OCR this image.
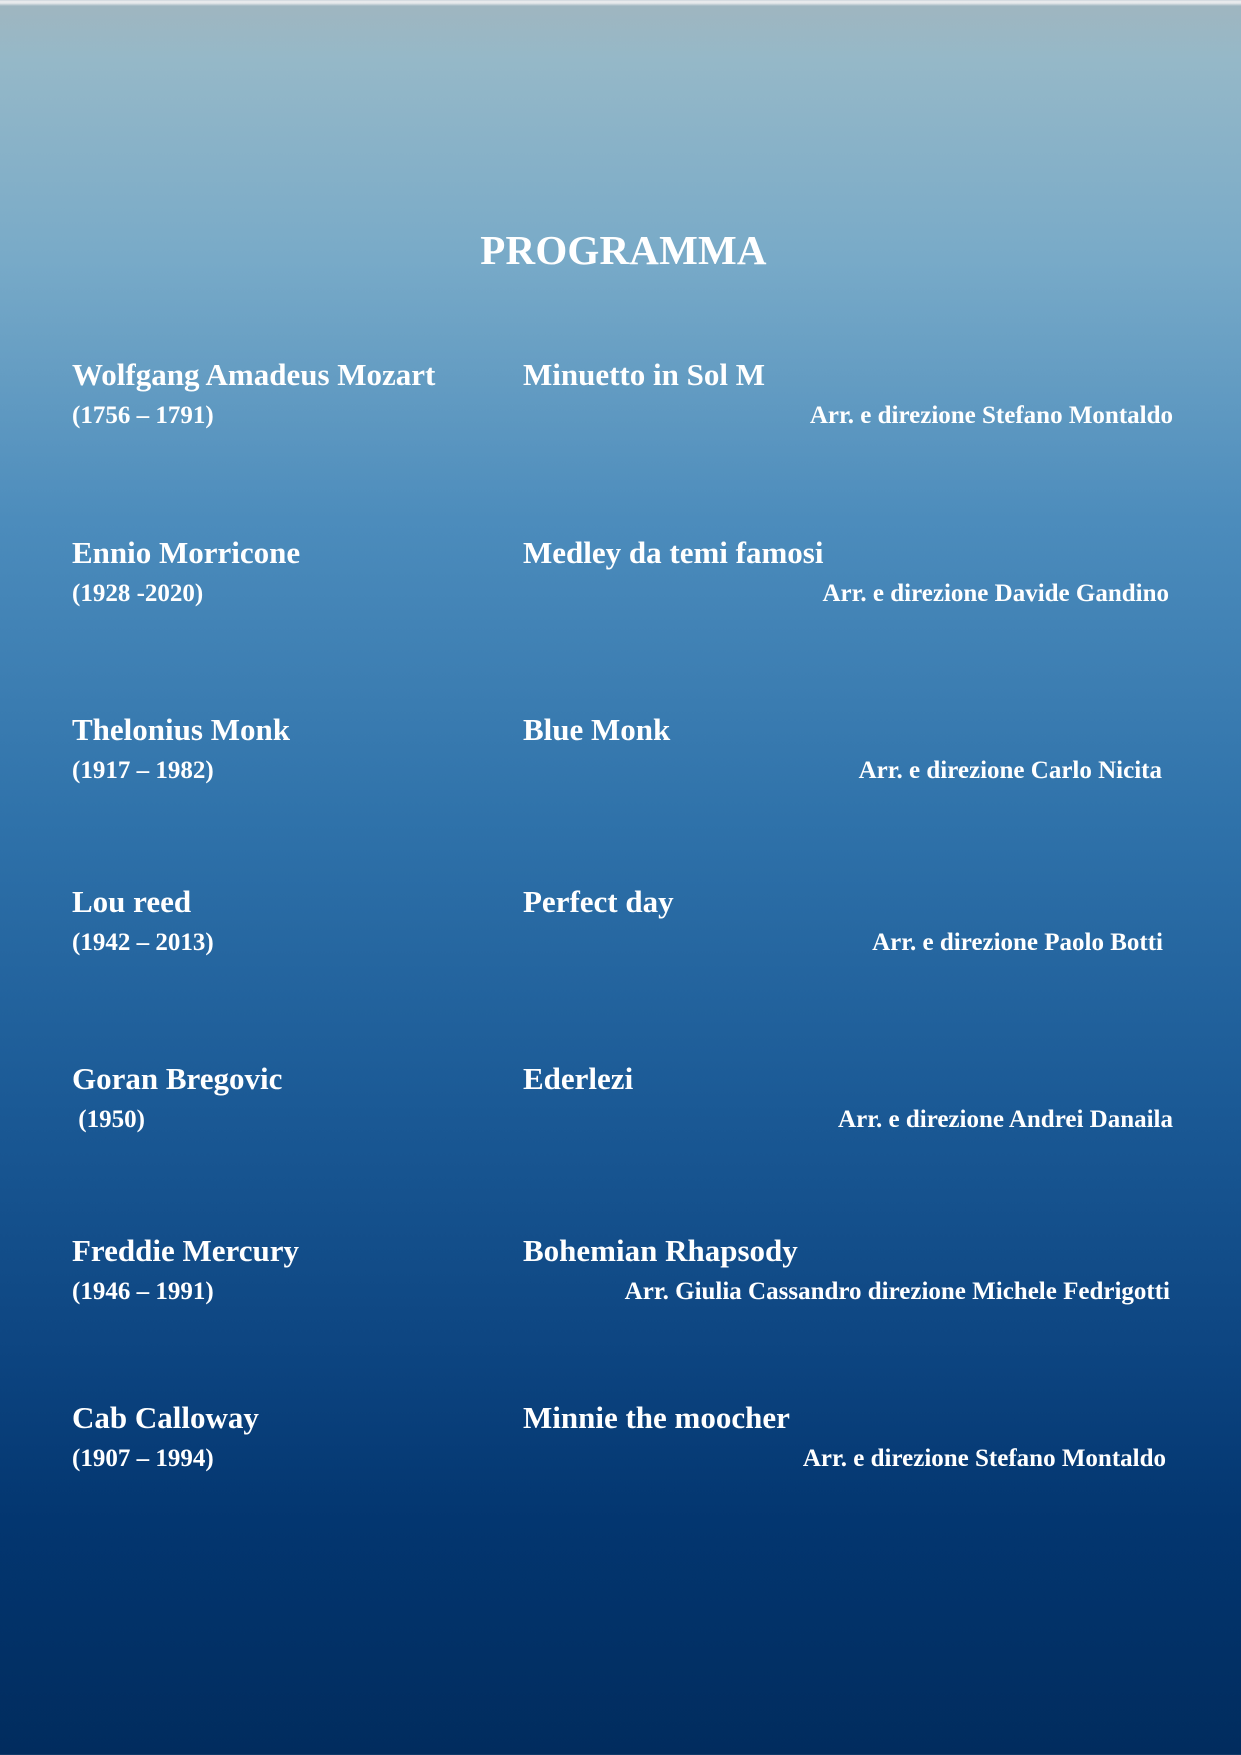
PROGRAMMA
Wolfgang Amadeus Mozart
(1756 – 1791)
Minuetto in Sol M
Arr. e direzione Stefano Montaldo
Ennio Morricone
(1928 -2020)
Medley da temi famosi
Arr. e direzione Davide Gandino
Thelonius Monk
(1917 – 1982)
Blue Monk
Arr. e direzione Carlo Nicita
Lou reed
(1942 – 2013)
Perfect day
Arr. e direzione Paolo Botti
Goran Bregovic
(1950)
Ederlezi
Arr. e direzione Andrei Danaila
Freddie Mercury
(1946 – 1991)
Bohemian Rhapsody
Arr. Giulia Cassandro direzione Michele Fedrigotti
Cab Calloway
(1907 – 1994)
Minnie the moocher
Arr. e direzione Stefano Montaldo
